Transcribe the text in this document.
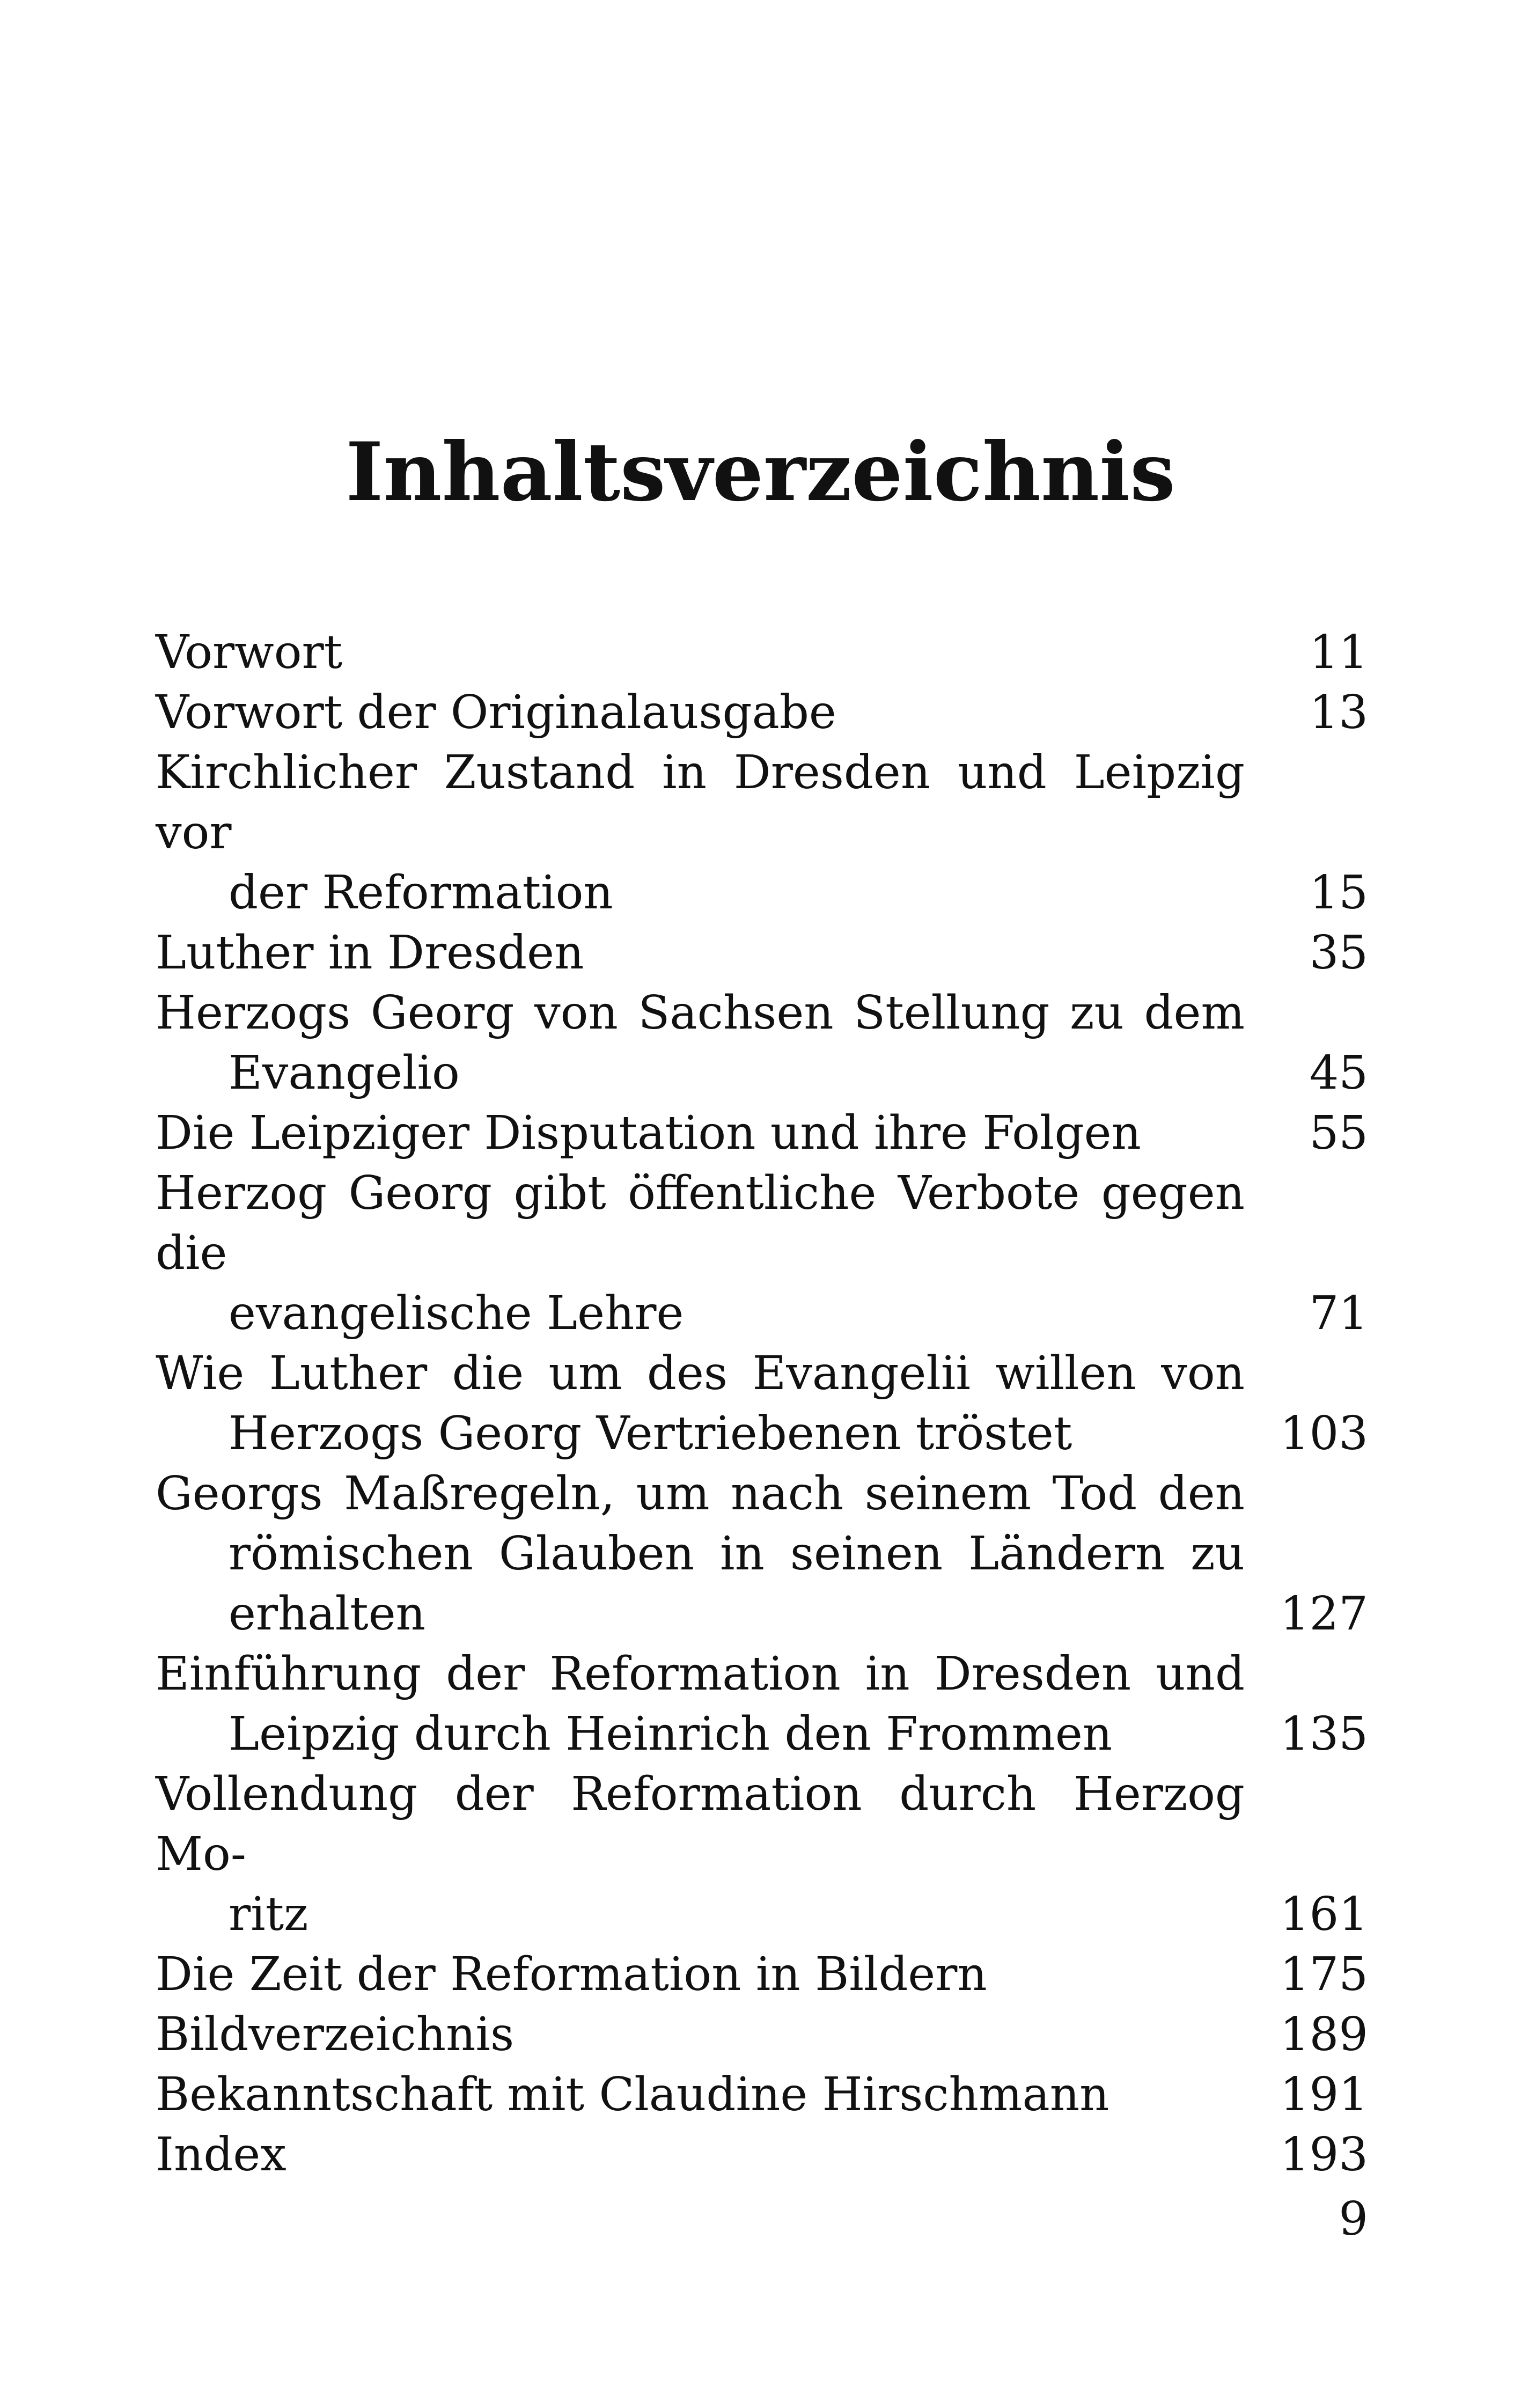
Inhaltsverzeichnis
Vorwort	11
Vorwort der Originalausgabe	13
Kirchlicher Zustand in Dresden und Leipzig vor
der Reformation	15
Luther in Dresden	35
Herzogs Georg von Sachsen Stellung zu dem
Evangelio	45
Die Leipziger Disputation und ihre Folgen	55
Herzog Georg gibt öffentliche Verbote gegen die
evangelische Lehre	71
Wie Luther die um des Evangelii willen von
Herzogs Georg Vertriebenen tröstet	103
Georgs Maßregeln, um nach seinem Tod den
römischen Glauben in seinen Ländern zu
erhalten	127
Einführung der Reformation in Dresden und
Leipzig durch Heinrich den Frommen	135
Vollendung der Reformation durch Herzog Mo-
ritz	161
Die Zeit der Reformation in Bildern	175
Bildverzeichnis	189
Bekanntschaft mit Claudine Hirschmann	191
Index	193
9
